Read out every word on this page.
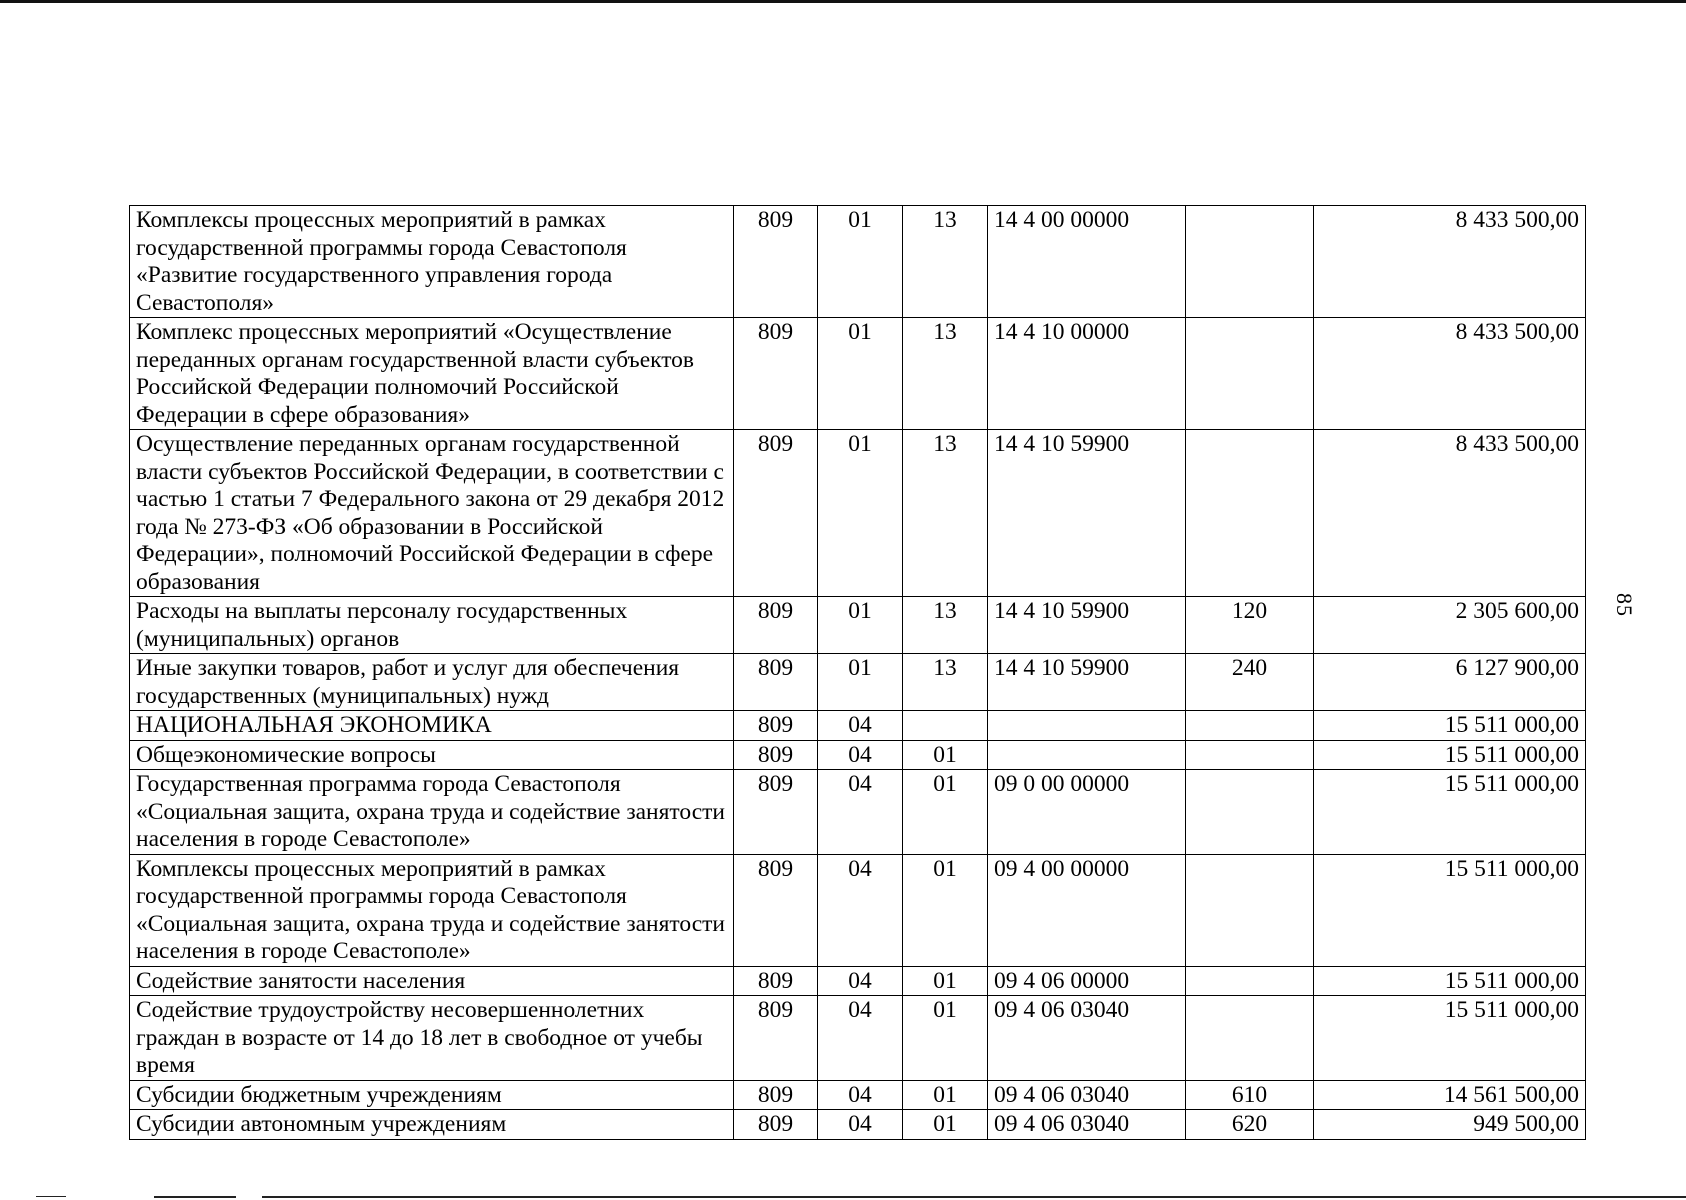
85
Комплексы процессных мероприятий в рамках государственной программы города Севастополя «Развитие государственного управления города Севастополя»	809	01	13	14 4 00 00000		8 433 500,00
Комплекс процессных мероприятий «Осуществление переданных органам государственной власти субъектов Российской Федерации полномочий Российской Федерации в сфере образования»	809	01	13	14 4 10 00000		8 433 500,00
Осуществление переданных органам государственной власти субъектов Российской Федерации, в соответствии с частью 1 статьи 7 Федерального закона от 29 декабря 2012 года № 273-ФЗ «Об образовании в Российской Федерации», полномочий Российской Федерации в сфере образования	809	01	13	14 4 10 59900		8 433 500,00
Расходы на выплаты персоналу государственных (муниципальных) органов	809	01	13	14 4 10 59900	120	2 305 600,00
Иные закупки товаров, работ и услуг для обеспечения государственных (муниципальных) нужд	809	01	13	14 4 10 59900	240	6 127 900,00
НАЦИОНАЛЬНАЯ ЭКОНОМИКА	809	04				15 511 000,00
Общеэкономические вопросы	809	04	01			15 511 000,00
Государственная программа города Севастополя «Социальная защита, охрана труда и содействие занятости населения в городе Севастополе»	809	04	01	09 0 00 00000		15 511 000,00
Комплексы процессных мероприятий в рамках государственной программы города Севастополя «Социальная защита, охрана труда и содействие занятости населения в городе Севастополе»	809	04	01	09 4 00 00000		15 511 000,00
Содействие занятости населения	809	04	01	09 4 06 00000		15 511 000,00
Содействие трудоустройству несовершеннолетних граждан в возрасте от 14 до 18 лет в свободное от учебы время	809	04	01	09 4 06 03040		15 511 000,00
Субсидии бюджетным учреждениям	809	04	01	09 4 06 03040	610	14 561 500,00
Субсидии автономным учреждениям	809	04	01	09 4 06 03040	620	949 500,00
